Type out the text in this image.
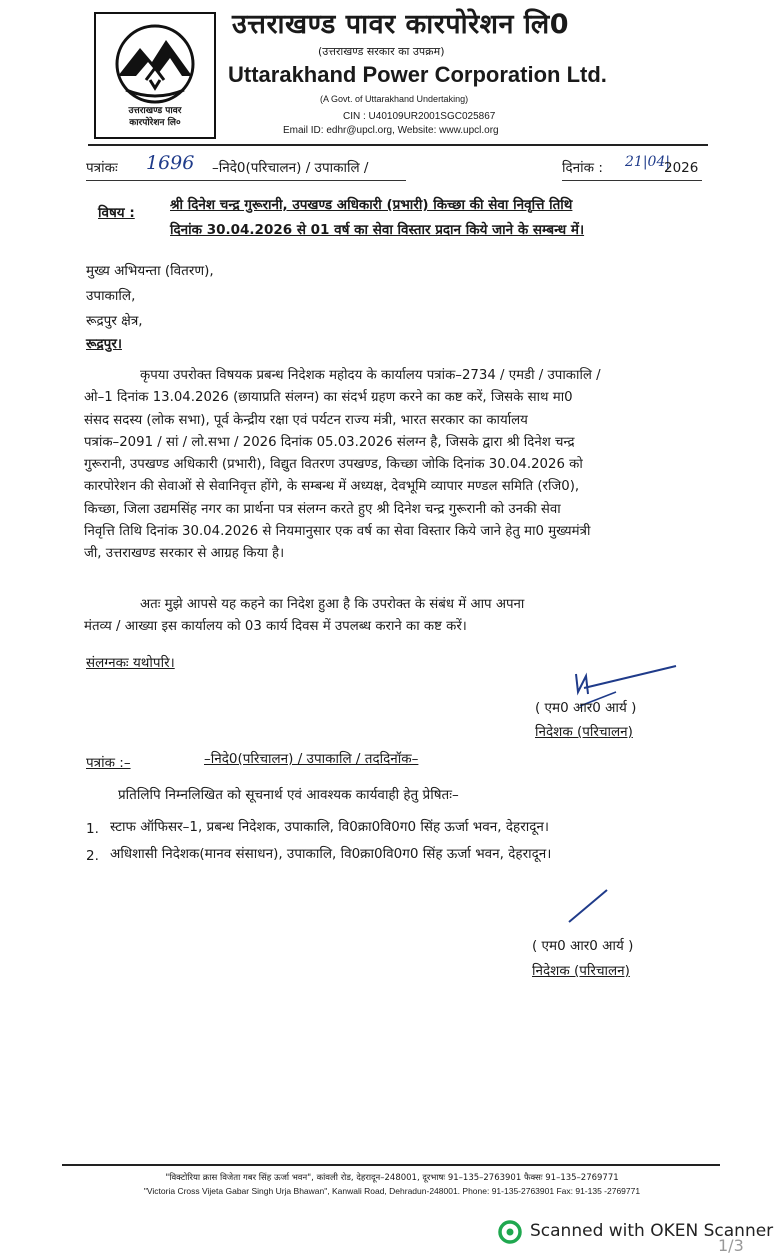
उत्तराखण्ड पावर
कारपोरेशन लि०
उत्तराखण्ड पावर कारपोरेशन लि0
(उत्तराखण्ड सरकार का उपक्रम)
Uttarakhand Power Corporation Ltd.
(A Govt. of Uttarakhand Undertaking)
CIN : U40109UR2001SGC025867
Email ID: edhr@upcl.org, Website: www.upcl.org
पत्रांकः 1696 –निदे0(परिचालन) / उपाकालि /	दिनांक : 21|04|
2026
विषय :	श्री दिनेश चन्द्र गुरूरानी, उपखण्ड अधिकारी (प्रभारी) किच्छा की सेवा निवृत्ति तिथि
दिनांक 30.04.2026 से 01 वर्ष का सेवा विस्तार प्रदान किये जाने के सम्बन्ध में।
मुख्य अभियन्ता (वितरण),
उपाकालि,
रूद्रपुर क्षेत्र,
रूद्रपुर।
कृपया उपरोक्त विषयक प्रबन्ध निदेशक महोदय के कार्यालय पत्रांक–2734 / एमडी / उपाकालि /
ओ–1 दिनांक 13.04.2026 (छायाप्रति संलग्न) का संदर्भ ग्रहण करने का कष्ट करें, जिसके साथ मा0
संसद सदस्य (लोक सभा), पूर्व केन्द्रीय रक्षा एवं पर्यटन राज्य मंत्री, भारत सरकार का कार्यालय
पत्रांक–2091 / सां / लो.सभा / 2026 दिनांक 05.03.2026 संलग्न है, जिसके द्वारा श्री दिनेश चन्द्र
गुरूरानी, उपखण्ड अधिकारी (प्रभारी), विद्युत वितरण उपखण्ड, किच्छा जोकि दिनांक 30.04.2026 को
कारपोरेशन की सेवाओं से सेवानिवृत्त होंगे, के सम्बन्ध में अध्यक्ष, देवभूमि व्यापार मण्डल समिति (रजि0),
किच्छा, जिला उद्यमसिंह नगर का प्रार्थना पत्र संलग्न करते हुए श्री दिनेश चन्द्र गुरूरानी को उनकी सेवा
निवृत्ति तिथि दिनांक 30.04.2026 से नियमानुसार एक वर्ष का सेवा विस्तार किये जाने हेतु मा0 मुख्यमंत्री
जी, उत्तराखण्ड सरकार से आग्रह किया है।
अतः मुझे आपसे यह कहने का निदेश हुआ है कि उपरोक्त के संबंध में आप अपना
मंतव्य / आख्या इस कार्यालय को 03 कार्य दिवस में उपलब्ध कराने का कष्ट करें।
संलग्नकः यथोपरि।
( एम0 आर0 आर्य )
निदेशक (परिचालन)
पत्रांक :–	–निदे0(परिचालन) / उपाकालि / तददिनॉक–
प्रतिलिपि निम्नलिखित को सूचनार्थ एवं आवश्यक कार्यवाही हेतु प्रेषितः–
1. स्टाफ ऑफिसर–1, प्रबन्ध निदेशक, उपाकालि, वि0क्रा0वि0ग0 सिंह ऊर्जा भवन, देहरादून।
2. अधिशासी निदेशक(मानव संसाधन), उपाकालि, वि0क्रा0वि0ग0 सिंह ऊर्जा भवन, देहरादून।
( एम0 आर0 आर्य )
निदेशक (परिचालन)
"विक्टोरिया क्रास विजेता गबर सिंह ऊर्जा भवन", कांवली रोड, देहरादून–248001, दूरभाषः 91–135–2763901 फैक्सः 91–135–2769771
"Victoria Cross Vijeta Gabar Singh Urja Bhawan", Kanwali Road, Dehradun-248001. Phone: 91-135-2763901 Fax: 91-135 -2769771
Scanned with OKEN Scanner
1/3
